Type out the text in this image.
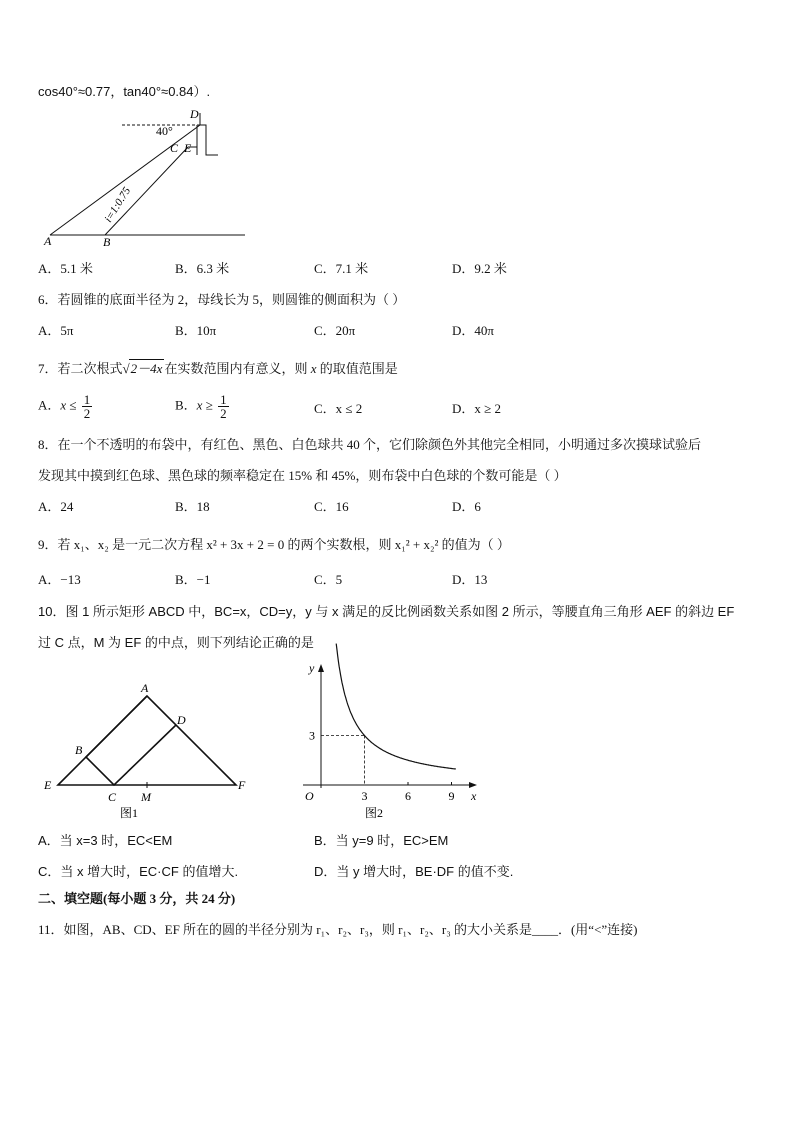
cos40°≈0.77，tan40°≈0.84）.
D
40°
C E
i=1:0.75
A	B
A．5.1 米	B．6.3 米	C．7.1 米	D．9.2 米
6．若圆锥的底面半径为 2，母线长为 5，则圆锥的侧面积为（ ）
A．5π	B．10π	C．20π	D．40π
7．若二次根式√2－4x 在实数范围内有意义，则 x 的取值范围是
A．$x \le \frac{1}{2}$	B．$x \ge \frac{1}{2}$	C．x ≤ 2	D．x ≥ 2
8．在一个不透明的布袋中，有红色、黑色、白色球共 40 个，它们除颜色外其他完全相同，小明通过多次摸球试验后
发现其中摸到红色球、黑色球的频率稳定在 15% 和 45%，则布袋中白色球的个数可能是（ ）
A．24	B．18	C．16	D．6
9．若 x₁、x₂ 是一元二次方程 x² + 3x + 2 = 0 的两个实数根，则 x₁² + x₂² 的值为（ ）
A．−13	B．−1	C．5	D．13
10．图 1 所示矩形 ABCD 中，BC=x，CD=y，y 与 x 满足的反比例函数关系如图 2 所示，等腰直角三角形 AEF 的斜边 EF
过 C 点，M 为 EF 的中点，则下列结论正确的是
A
D
B
E	F
C M
图1
y
x
O
3
3	6	9
图2
A．当 x=3 时，EC<EM	B．当 y=9 时，EC>EM
C．当 x 增大时，EC·CF 的值增大.	D．当 y 增大时，BE·DF 的值不变.
二、填空题(每小题 3 分，共 24 分)
11．如图，AB、CD、EF 所在的圆的半径分别为 r₁、r₂、r₃，则 r₁、r₂、r₃ 的大小关系是____．(用“<”连接)
